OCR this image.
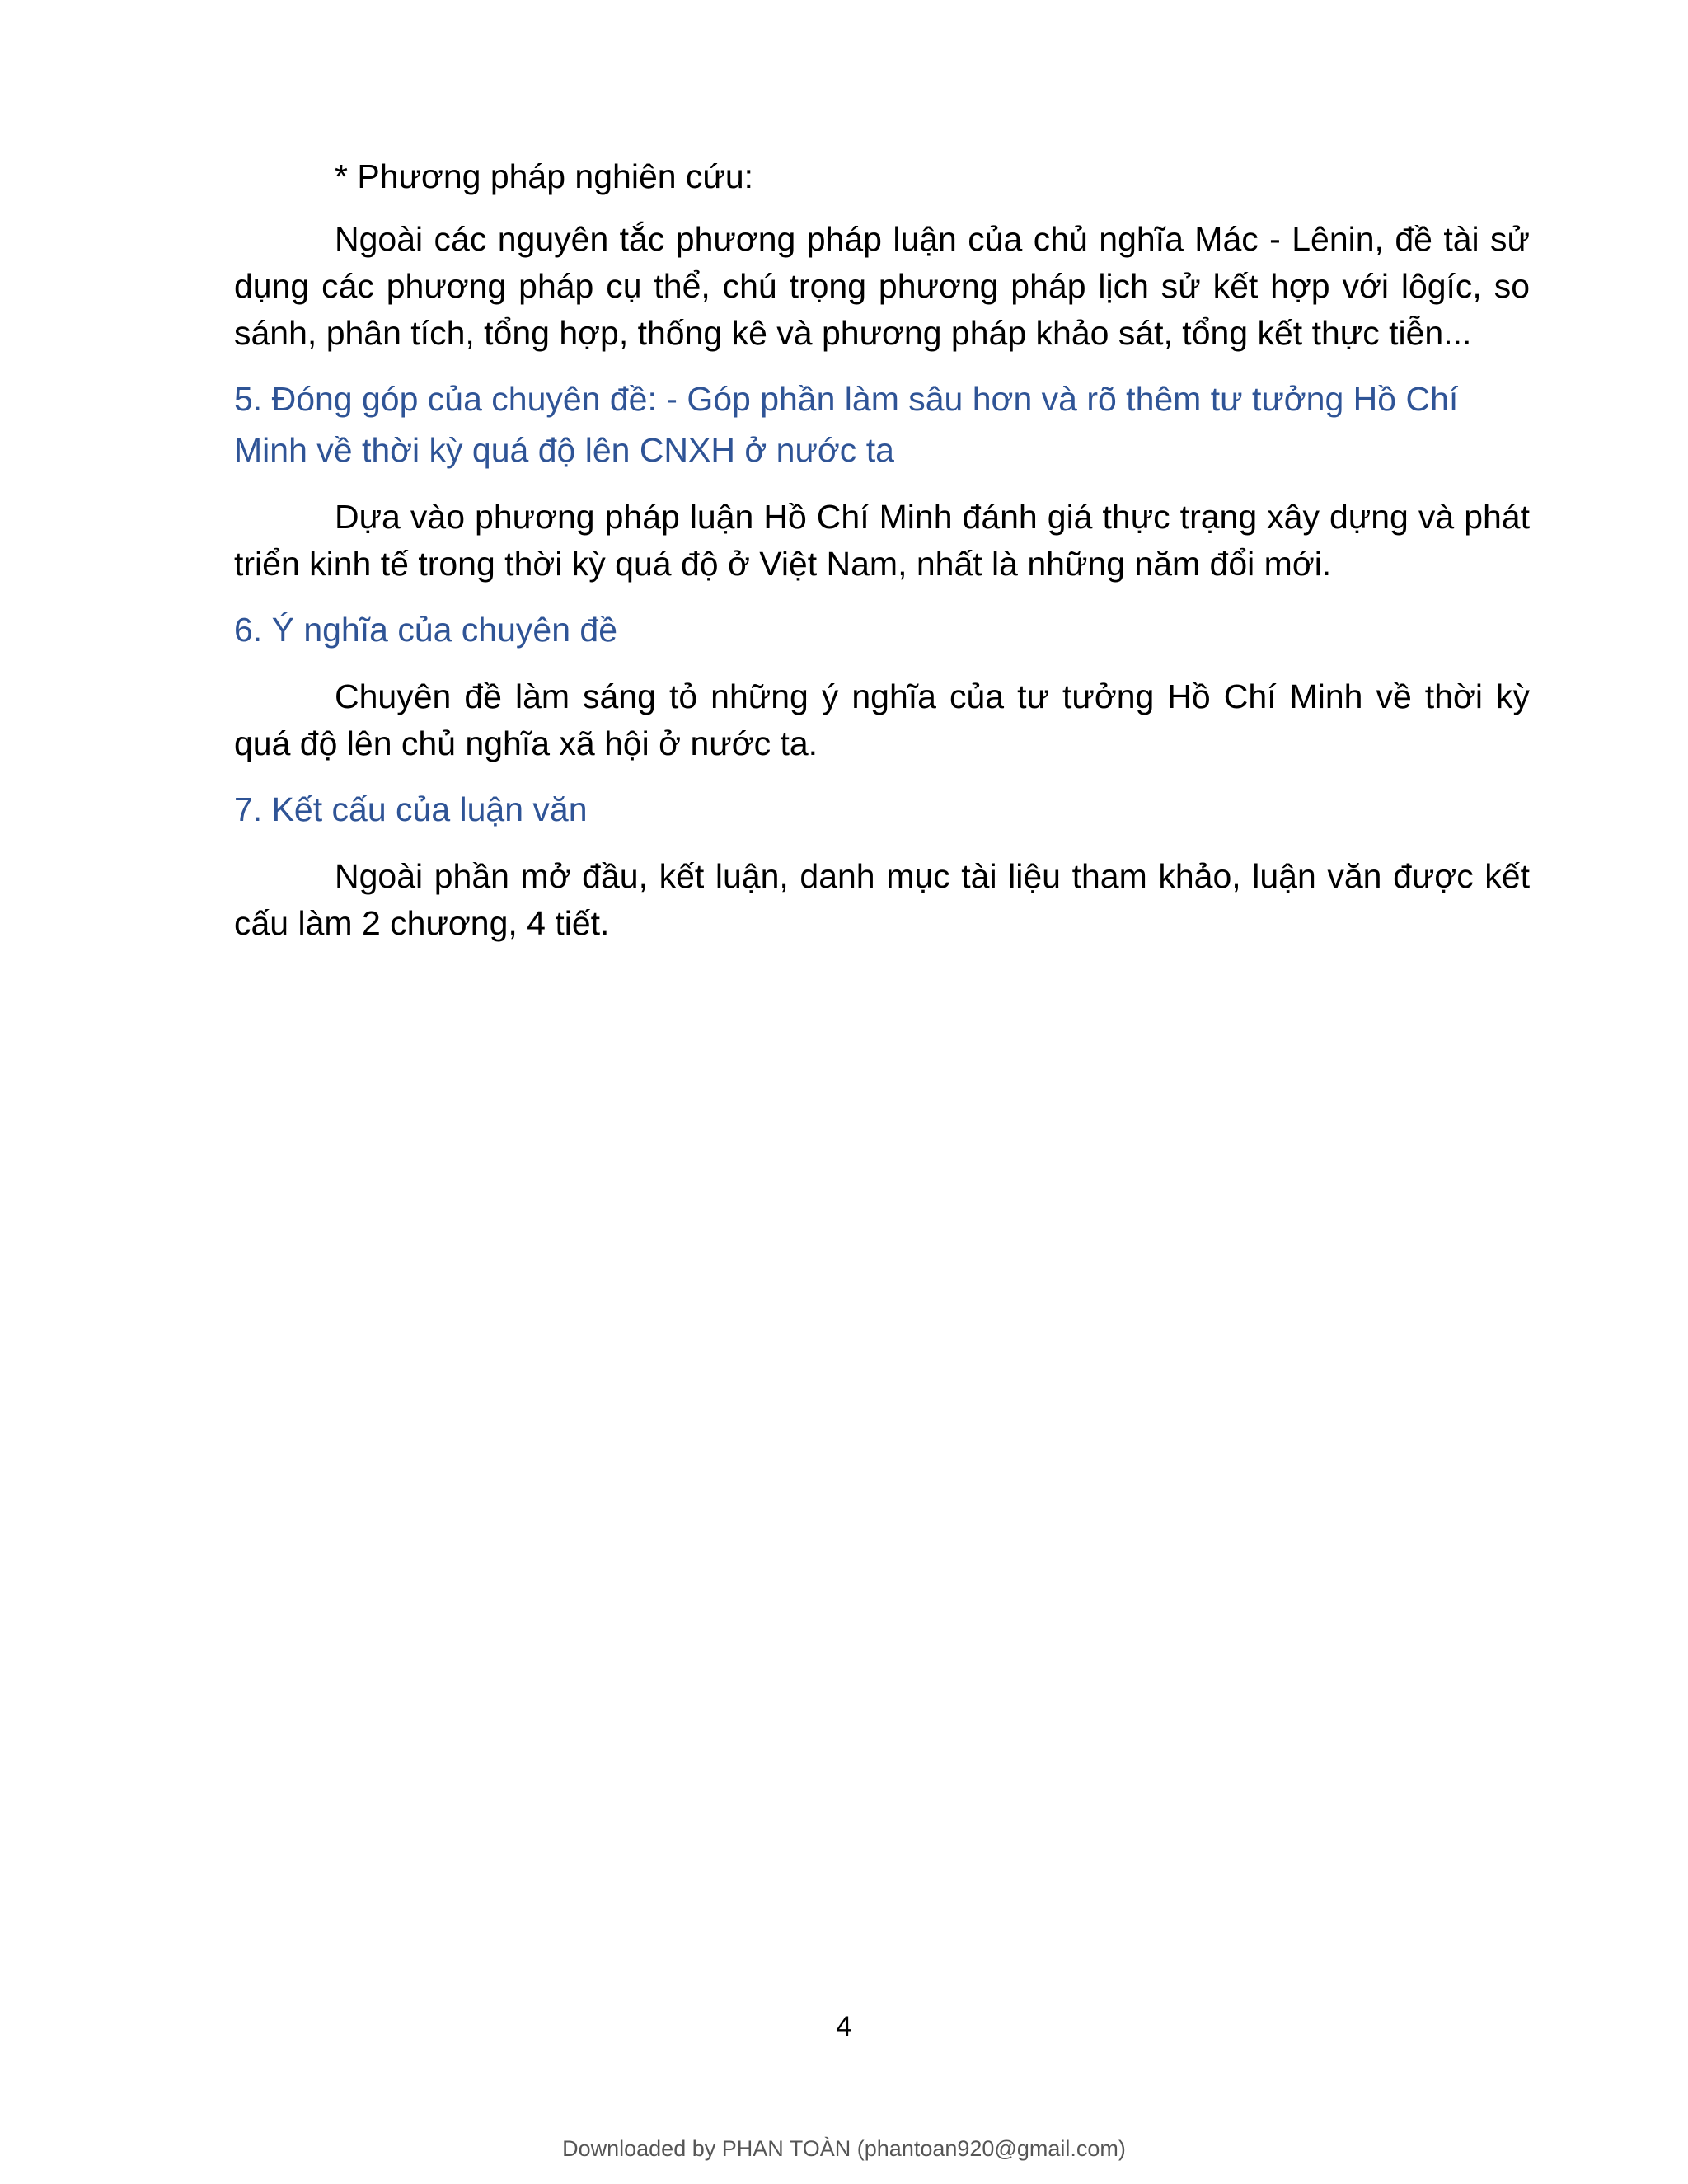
* Phương pháp nghiên cứu:

Ngoài các nguyên tắc phương pháp luận của chủ nghĩa Mác - Lênin, đề tài sử dụng các phương pháp cụ thể, chú trọng phương pháp lịch sử kết hợp với lôgíc, so sánh, phân tích, tổng hợp, thống kê và phương pháp khảo sát, tổng kết thực tiễn...

5. Đóng góp của chuyên đề: - Góp phần làm sâu hơn và rõ thêm tư tưởng Hồ Chí Minh về thời kỳ quá độ lên CNXH ở nước ta

Dựa vào phương pháp luận Hồ Chí Minh đánh giá thực trạng xây dựng và phát triển kinh tế trong thời kỳ quá độ ở Việt Nam, nhất là những năm đổi mới.

6. Ý nghĩa của chuyên đề

Chuyên đề làm sáng tỏ những ý nghĩa của tư tưởng Hồ Chí Minh về thời kỳ quá độ lên chủ nghĩa xã hội ở nước ta.

7. Kết cấu của luận văn

Ngoài phần mở đầu, kết luận, danh mục tài liệu tham khảo, luận văn được kết cấu làm 2 chương, 4 tiết.

4
Downloaded by PHAN TOÀN (phantoan920@gmail.com)
